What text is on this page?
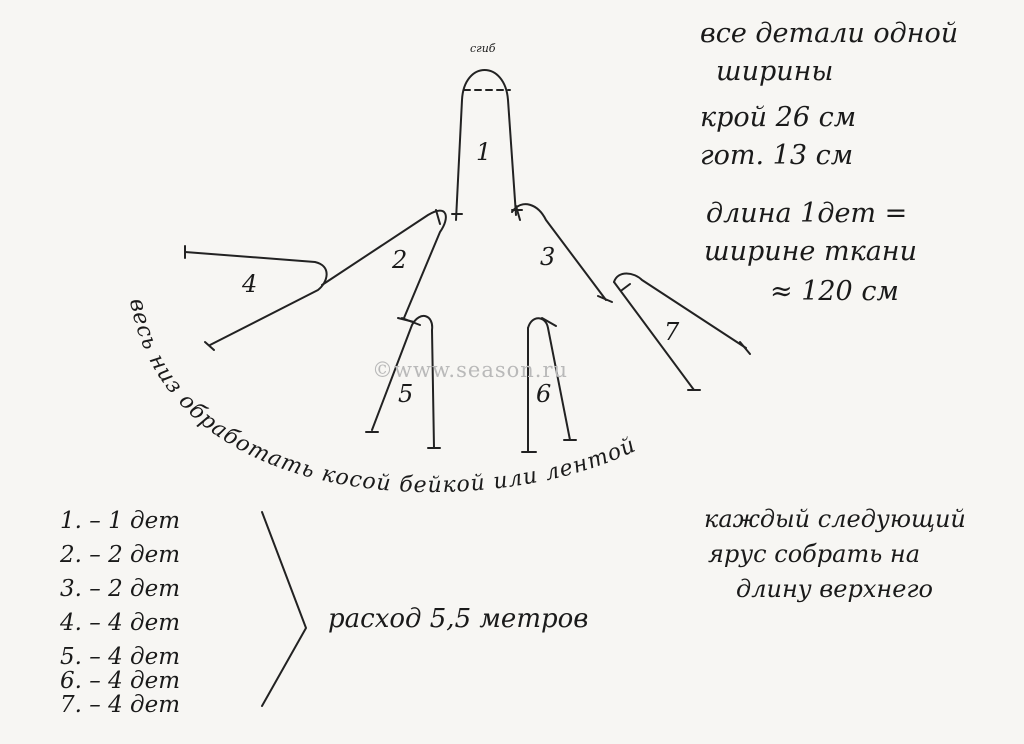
1
2	3
4
5	6
7
сгиб
весь низ обработать косой бейкой или лентой
©www.season.ru
все детали одной
ширины
крой 26 см
гот. 13 см
длина 1дет =
ширине ткани
≈ 120 см
каждый следующий
ярус собрать на
длину верхнего
1. – 1 дет
2. – 2 дет
3. – 2 дет
4. – 4 дет
5. – 4 дет
6. – 4 дет
7. – 4 дет
расход 5,5 метров
